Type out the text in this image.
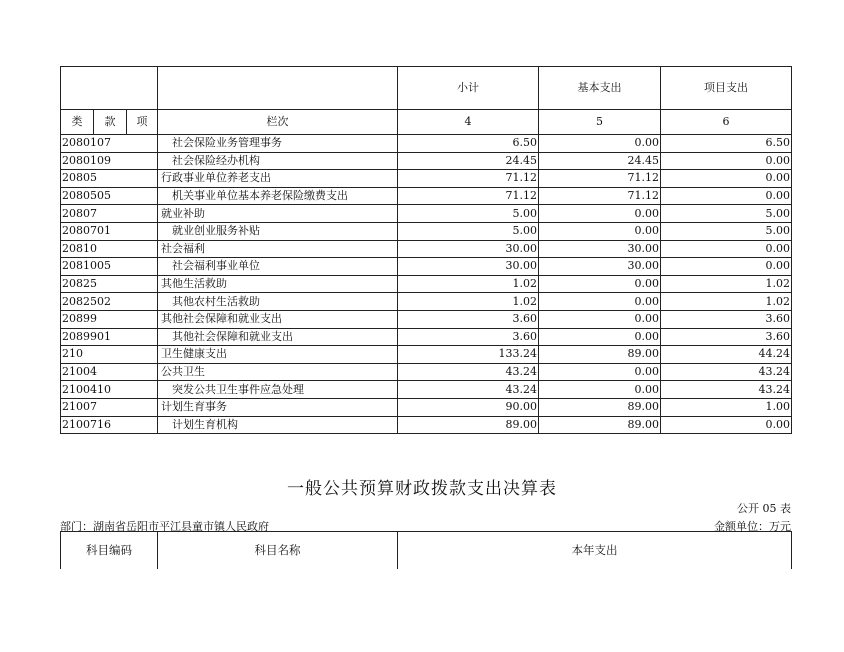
				小计	基本支出	项目支出
类	款	项	栏次	4	5	6
2080107			社会保险业务管理事务	6.50	0.00	6.50
2080109			社会保险经办机构	24.45	24.45	0.00
20805			行政事业单位养老支出	71.12	71.12	0.00
2080505			机关事业单位基本养老保险缴费支出	71.12	71.12	0.00
20807			就业补助	5.00	0.00	5.00
2080701			就业创业服务补贴	5.00	0.00	5.00
20810			社会福利	30.00	30.00	0.00
2081005			社会福利事业单位	30.00	30.00	0.00
20825			其他生活救助	1.02	0.00	1.02
2082502			其他农村生活救助	1.02	0.00	1.02
20899			其他社会保障和就业支出	3.60	0.00	3.60
2089901			其他社会保障和就业支出	3.60	0.00	3.60
210			卫生健康支出	133.24	89.00	44.24
21004			公共卫生	43.24	0.00	43.24
2100410			突发公共卫生事件应急处理	43.24	0.00	43.24
21007			计划生育事务	90.00	89.00	1.00
2100716			计划生育机构	89.00	89.00	0.00
一般公共预算财政拨款支出决算表
公开 05 表
部门：湖南省岳阳市平江县童市镇人民政府	金额单位：万元
科目编码	科目名称	本年支出
